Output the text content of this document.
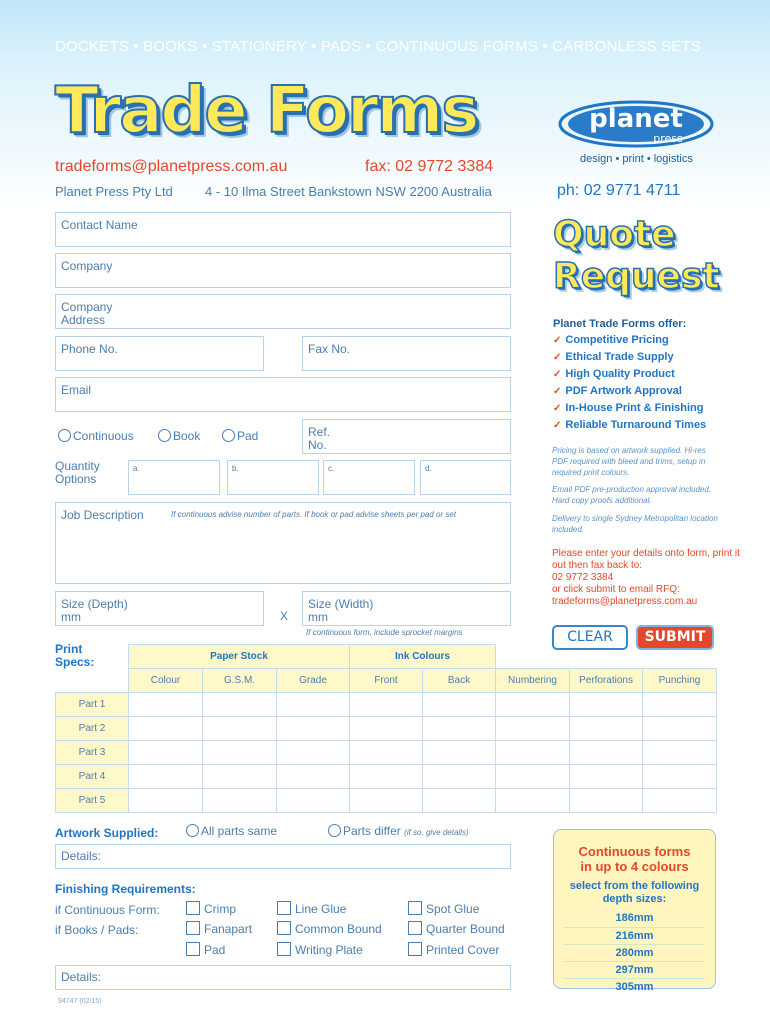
DOCKETS • BOOKS • STATIONERY • PADS • CONTINUOUS FORMS • CARBONLESS SETS
Trade Forms	planet
press
design • print • logistics
tradeforms@planetpress.com.au	fax: 02 9772 3384
Planet Press Pty Ltd 4 - 10 Ilma Street Bankstown NSW 2200 Australia	ph: 02 9771 4711
Quote
Request
Contact Name
Company
Company
Address
Phone No.	Fax No.
Email
Continuous	Book	Pad	Ref.
No.
Quantity
Options
a.	b.	c.	d.
Job Description	If continuous advise number of parts. If book or pad advise sheets per pad or set
Size (Depth)
mm	X
Size (Width)
mm
If continuous form, include sprocket margins
Planet Trade Forms offer:
✓ Competitive Pricing
✓ Ethical Trade Supply
✓ High Quality Product
✓ PDF Artwork Approval
✓ In-House Print & Finishing
✓ Reliable Turnaround Times
Pricing is based on artwork supplied. Hi-res PDF required with bleed and trims, setup in required print colours.
Email PDF pre-production approval included. Hard copy proofs additional.
Delivery to single Sydney Metropolitan location included.
Please enter your details onto form, print it out then fax back to:
02 9772 3384
or click submit to email RFQ:
tradeforms@planetpress.com.au
CLEAR	SUBMIT
Print
Specs:
		Paper Stock			Ink Colours				
	Colour	G.S.M.	Grade	Front	Back	Numbering	Perforations	Punching
Part 1								
Part 2								
Part 3								
Part 4								
Part 5								
Artwork Supplied:	All parts same	Parts differ (if so, give details)
Details:
Finishing Requirements:
if Continuous Form:
if Books / Pads:
Crimp	Line Glue	Spot Glue
Fanapart	Common Bound	Quarter Bound
Pad	Writing Plate	Printed Cover
Details:
Continuous forms
in up to 4 colours
select from the following
depth sizes:
186mm
216mm
280mm
297mm
305mm
94747 (02/15)
